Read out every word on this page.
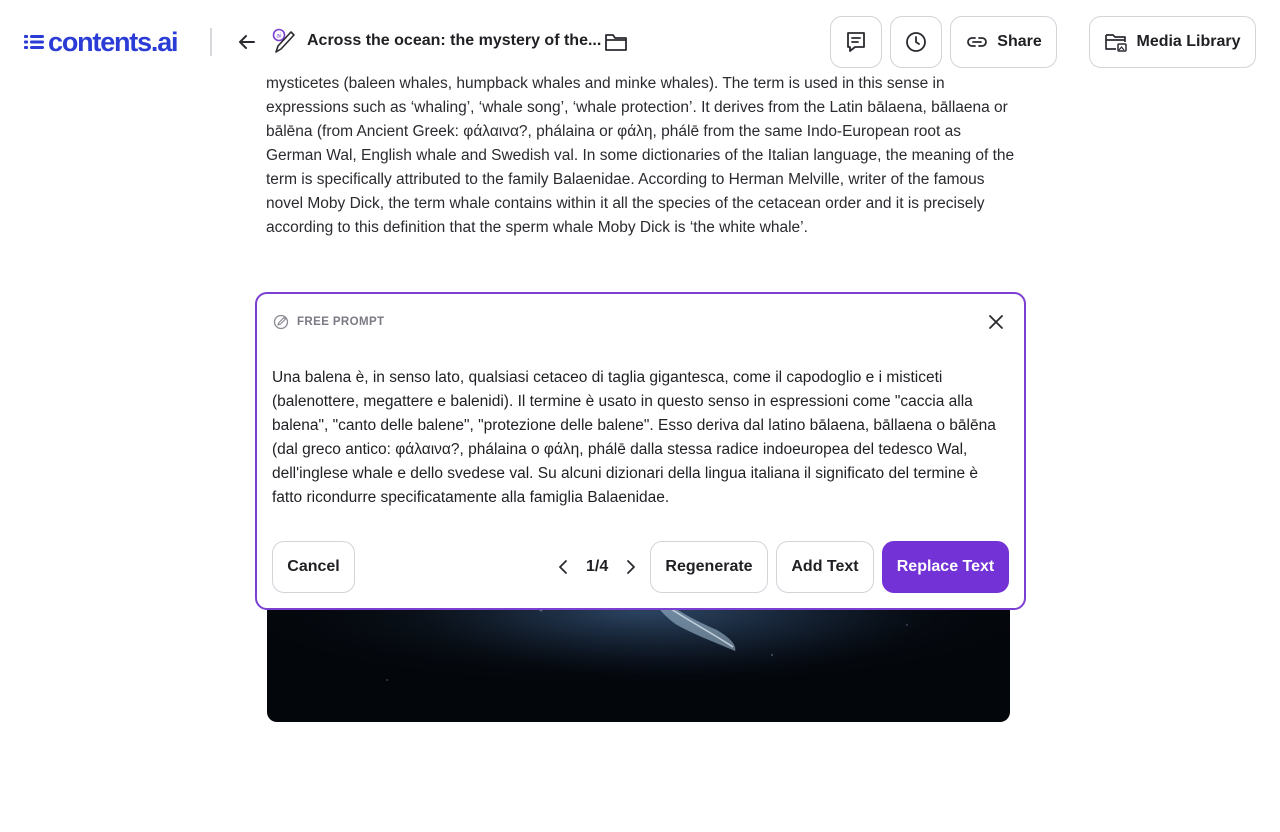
mysticetes (baleen whales, humpback whales and minke whales). The term is used in this sense in expressions such as ‘whaling’, ‘whale song’, ‘whale protection’. It derives from the Latin bālaena, bāllaena or bālēna (from Ancient Greek: φάλαινα?, phálaina or φάλη, phálē from the same Indo-European root as German Wal, English whale and Swedish val. In some dictionaries of the Italian language, the meaning of the term is specifically attributed to the family Balaenidae. According to Herman Melville, writer of the famous novel Moby Dick, the term whale contains within it all the species of the cetacean order and it is precisely according to this definition that the sperm whale Moby Dick is ‘the white whale’.
contents.ai	ai Across the ocean: the mystery of the...	Share	Media Library
FREE PROMPT
Una balena è, in senso lato, qualsiasi cetaceo di taglia gigantesca, come il capodoglio e i misticeti (balenottere, megattere e balenidi). Il termine è usato in questo senso in espressioni come "caccia alla balena", "canto delle balene", "protezione delle balene". Esso deriva dal latino bālaena, bāllaena o bālēna (dal greco antico: φάλαινα?, phálaina o φάλη, phálē dalla stessa radice indoeuropea del tedesco Wal, dell'inglese whale e dello svedese val. Su alcuni dizionari della lingua italiana il significato del termine è fatto ricondurre specificatamente alla famiglia Balaenidae.
Cancel	1/4	Regenerate	Add Text	Replace Text
